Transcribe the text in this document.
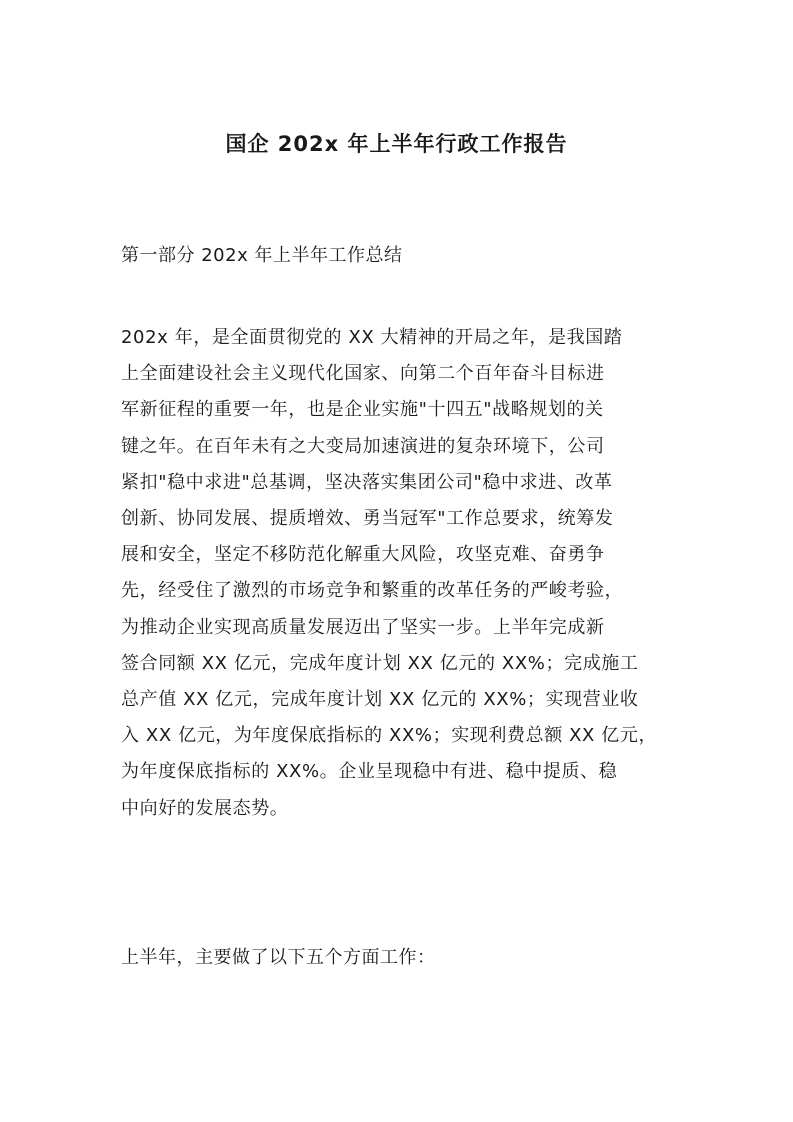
国企 202x 年上半年行政工作报告
第一部分 202x 年上半年工作总结
202x 年，是全面贯彻党的 XX 大精神的开局之年，是我国踏
上全面建设社会主义现代化国家、向第二个百年奋斗目标进
军新征程的重要一年，也是企业实施"十四五"战略规划的关
键之年。在百年未有之大变局加速演进的复杂环境下，公司
紧扣"稳中求进"总基调，坚决落实集团公司"稳中求进、改革
创新、协同发展、提质增效、勇当冠军"工作总要求，统筹发
展和安全，坚定不移防范化解重大风险，攻坚克难、奋勇争
先，经受住了激烈的市场竞争和繁重的改革任务的严峻考验，
为推动企业实现高质量发展迈出了坚实一步。上半年完成新
签合同额 XX 亿元，完成年度计划 XX 亿元的 XX%；完成施工
总产值 XX 亿元，完成年度计划 XX 亿元的 XX%；实现营业收
入 XX 亿元，为年度保底指标的 XX%；实现利费总额 XX 亿元，
为年度保底指标的 XX%。企业呈现稳中有进、稳中提质、稳
中向好的发展态势。
上半年，主要做了以下五个方面工作：
